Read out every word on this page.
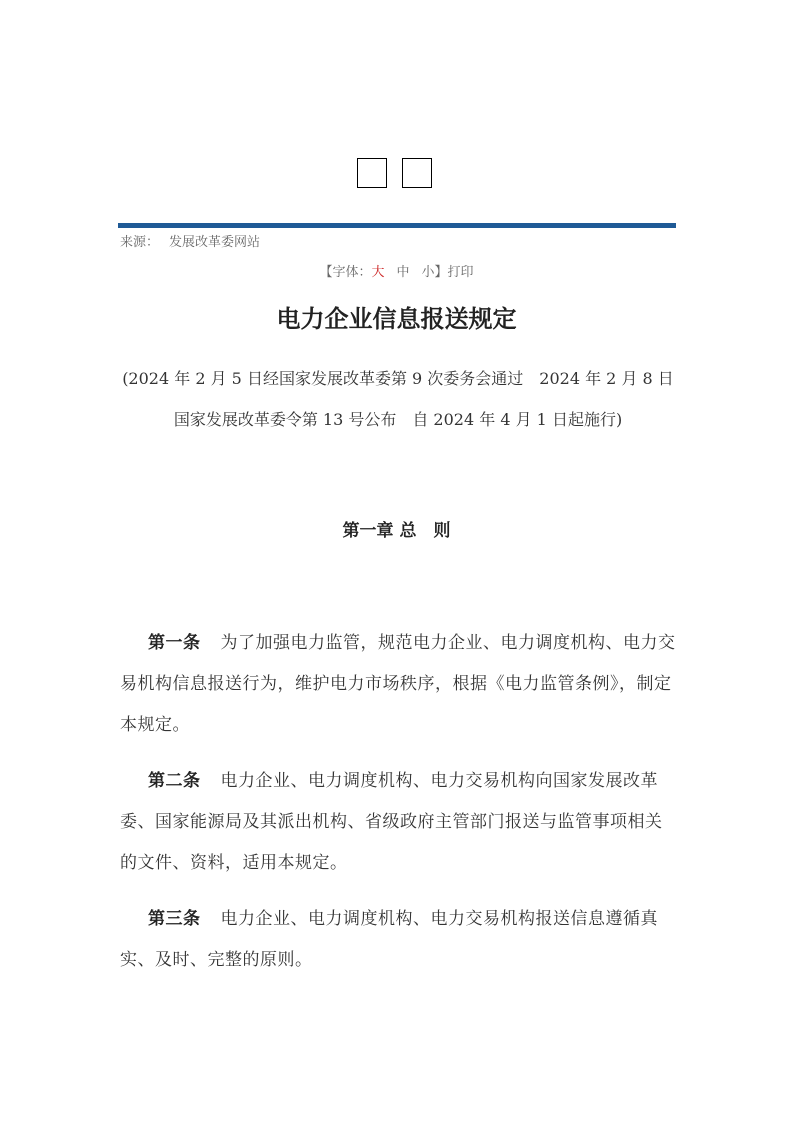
来源： 发展改革委网站
【字体：大 中 小】打印
电力企业信息报送规定
(2024 年 2 月 5 日经国家发展改革委第 9 次委务会通过　2024 年 2 月 8 日国家发展改革委令第 13 号公布　自 2024 年 4 月 1 日起施行)
第一章 总　则
第一条 为了加强电力监管，规范电力企业、电力调度机构、电力交易机构信息报送行为，维护电力市场秩序，根据《电力监管条例》，制定本规定。
第二条 电力企业、电力调度机构、电力交易机构向国家发展改革委、国家能源局及其派出机构、省级政府主管部门报送与监管事项相关的文件、资料，适用本规定。
第三条 电力企业、电力调度机构、电力交易机构报送信息遵循真实、及时、完整的原则。
